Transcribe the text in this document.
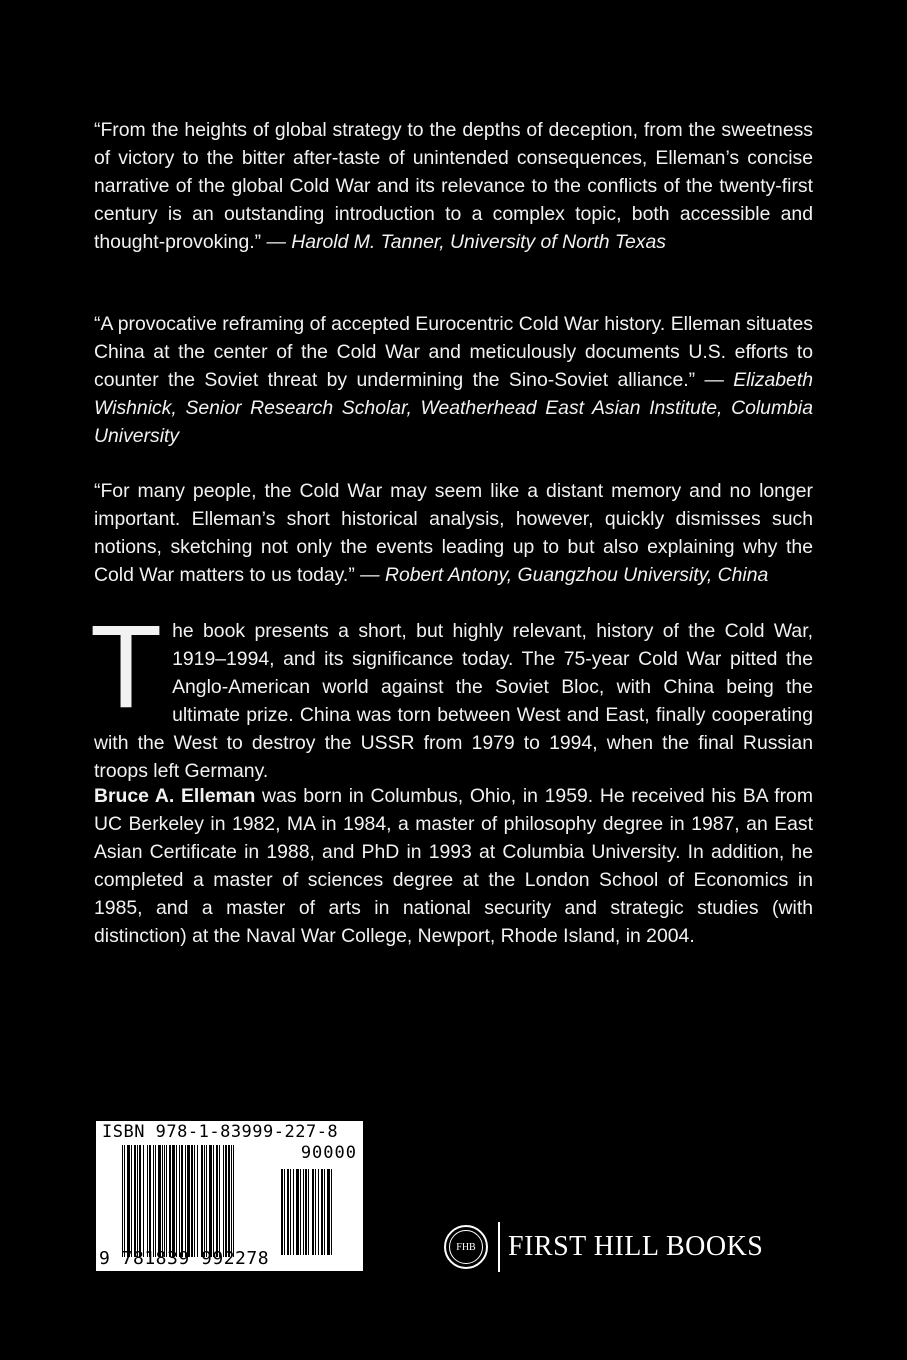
“From the heights of global strategy to the depths of deception, from the sweetness of victory to the bitter after-taste of unintended consequences, Elleman’s concise narrative of the global Cold War and its relevance to the conflicts of the twenty-first century is an outstanding introduction to a complex topic, both accessible and thought-provoking.” — Harold M. Tanner, University of North Texas
“A provocative reframing of accepted Eurocentric Cold War history. Elleman situates China at the center of the Cold War and meticulously documents U.S. efforts to counter the Soviet threat by undermining the Sino-Soviet alliance.” — Elizabeth Wishnick, Senior Research Scholar, Weatherhead East Asian Institute, Columbia University
“For many people, the Cold War may seem like a distant memory and no longer important. Elleman’s short historical analysis, however, quickly dismisses such notions, sketching not only the events leading up to but also explaining why the Cold War matters to us today.” — Robert Antony, Guangzhou University, China
The book presents a short, but highly relevant, history of the Cold War, 1919–1994, and its significance today. The 75-year Cold War pitted the Anglo-American world against the Soviet Bloc, with China being the ultimate prize. China was torn between West and East, finally cooperating with the West to destroy the USSR from 1979 to 1994, when the final Russian troops left Germany.
Bruce A. Elleman was born in Columbus, Ohio, in 1959. He received his BA from UC Berkeley in 1982, MA in 1984, a master of philosophy degree in 1987, an East Asian Certificate in 1988, and PhD in 1993 at Columbia University. In addition, he completed a master of sciences degree at the London School of Economics in 1985, and a master of arts in national security and strategic studies (with distinction) at the Naval War College, Newport, Rhode Island, in 2004.
ISBN 978-1-83999-227-8
90000
9 781839 992278
FHB FIRST HILL BOOKS
